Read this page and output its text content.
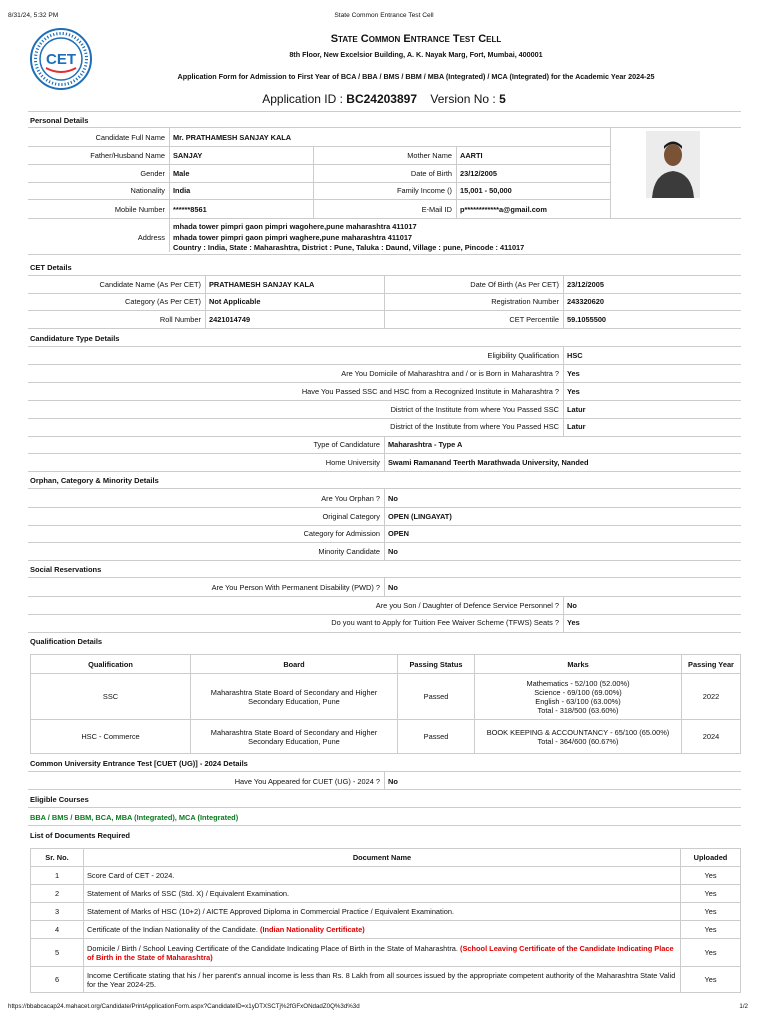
8/31/24, 5:32 PM	State Common Entrance Test Cell
CET
State Common Entrance Test Cell
8th Floor, New Excelsior Building, A. K. Nayak Marg, Fort, Mumbai, 400001
Application Form for Admission to First Year of BCA / BBA / BMS / BBM / MBA (Integrated) / MCA (Integrated) for the Academic Year 2024-25
Application ID : BC24203897 Version No : 5
Personal Details
Candidate Full Name Mr. PRATHAMESH SANJAY KALA
Father/Husband Name SANJAY	Mother Name AARTI
Gender Male	Date of Birth 23/12/2005
Nationality India	Family Income () 15,001 - 50,000
Mobile Number ******8561	E-Mail ID p************a@gmail.com
Address
mhada tower pimpri gaon pimpri wagohere,pune maharashtra 411017
mhada tower pimpri gaon pimpri waghere,pune maharashtra 411017
Country : India, State : Maharashtra, District : Pune, Taluka : Daund, Village : pune, Pincode : 411017
CET Details
Candidate Name (As Per CET) PRATHAMESH SANJAY KALA	Date Of Birth (As Per CET) 23/12/2005
Category (As Per CET) Not Applicable	Registration Number 243320620
Roll Number 2421014749	CET Percentile 59.1055500
Candidature Type Details
Eligibility Qualification HSC
Are You Domicile of Maharashtra and / or is Born in Maharashtra ? Yes
Have You Passed SSC and HSC from a Recognized Institute in Maharashtra ? Yes
District of the Institute from where You Passed SSC Latur
District of the Institute from where You Passed HSC Latur
Type of Candidature Maharashtra - Type A
Home University Swami Ramanand Teerth Marathwada University, Nanded
Orphan, Category & Minority Details
Are You Orphan ? No
Original Category OPEN (LINGAYAT)
Category for Admission OPEN
Minority Candidate No
Social Reservations
Are You Person With Permanent Disability (PWD) ? No
Are you Son / Daughter of Defence Service Personnel ? No
Do you want to Apply for Tuition Fee Waiver Scheme (TFWS) Seats ? Yes
Qualification Details
Qualification	Board	Passing Status	Marks	Passing Year
SSC	Maharashtra State Board of Secondary and Higher Secondary Education, Pune	Passed	Mathematics - 52/100 (52.00%)
Science - 69/100 (69.00%)
English - 63/100 (63.00%)
Total - 318/500 (63.60%)	2022
HSC - Commerce	Maharashtra State Board of Secondary and Higher Secondary Education, Pune	Passed	BOOK KEEPING & ACCOUNTANCY - 65/100 (65.00%)
Total - 364/600 (60.67%)	2024
Common University Entrance Test [CUET (UG)] - 2024 Details
Have You Appeared for CUET (UG) - 2024 ? No
Eligible Courses
BBA / BMS / BBM, BCA, MBA (Integrated), MCA (Integrated)
List of Documents Required
Sr. No.	Document Name	Uploaded
1	Score Card of CET - 2024.	Yes
2	Statement of Marks of SSC (Std. X) / Equivalent Examination.	Yes
3	Statement of Marks of HSC (10+2) / AICTE Approved Diploma in Commercial Practice / Equivalent Examination.	Yes
4	Certificate of the Indian Nationality of the Candidate. (Indian Nationality Certificate)	Yes
5	Domicile / Birth / School Leaving Certificate of the Candidate Indicating Place of Birth in the State of Maharashtra. (School Leaving Certificate of the Candidate Indicating Place of Birth in the State of Maharashtra)	Yes
6	Income Certificate stating that his / her parent's annual income is less than Rs. 8 Lakh from all sources issued by the appropriate competent authority of the Maharashtra State Valid for the Year 2024-25.	Yes
https://bbabcacap24.mahacet.org/Candidate/PrintApplicationForm.aspx?CandidateID=x1yDTXSCTj%2fGFxONdadZ0Q%3d%3d	1/2
